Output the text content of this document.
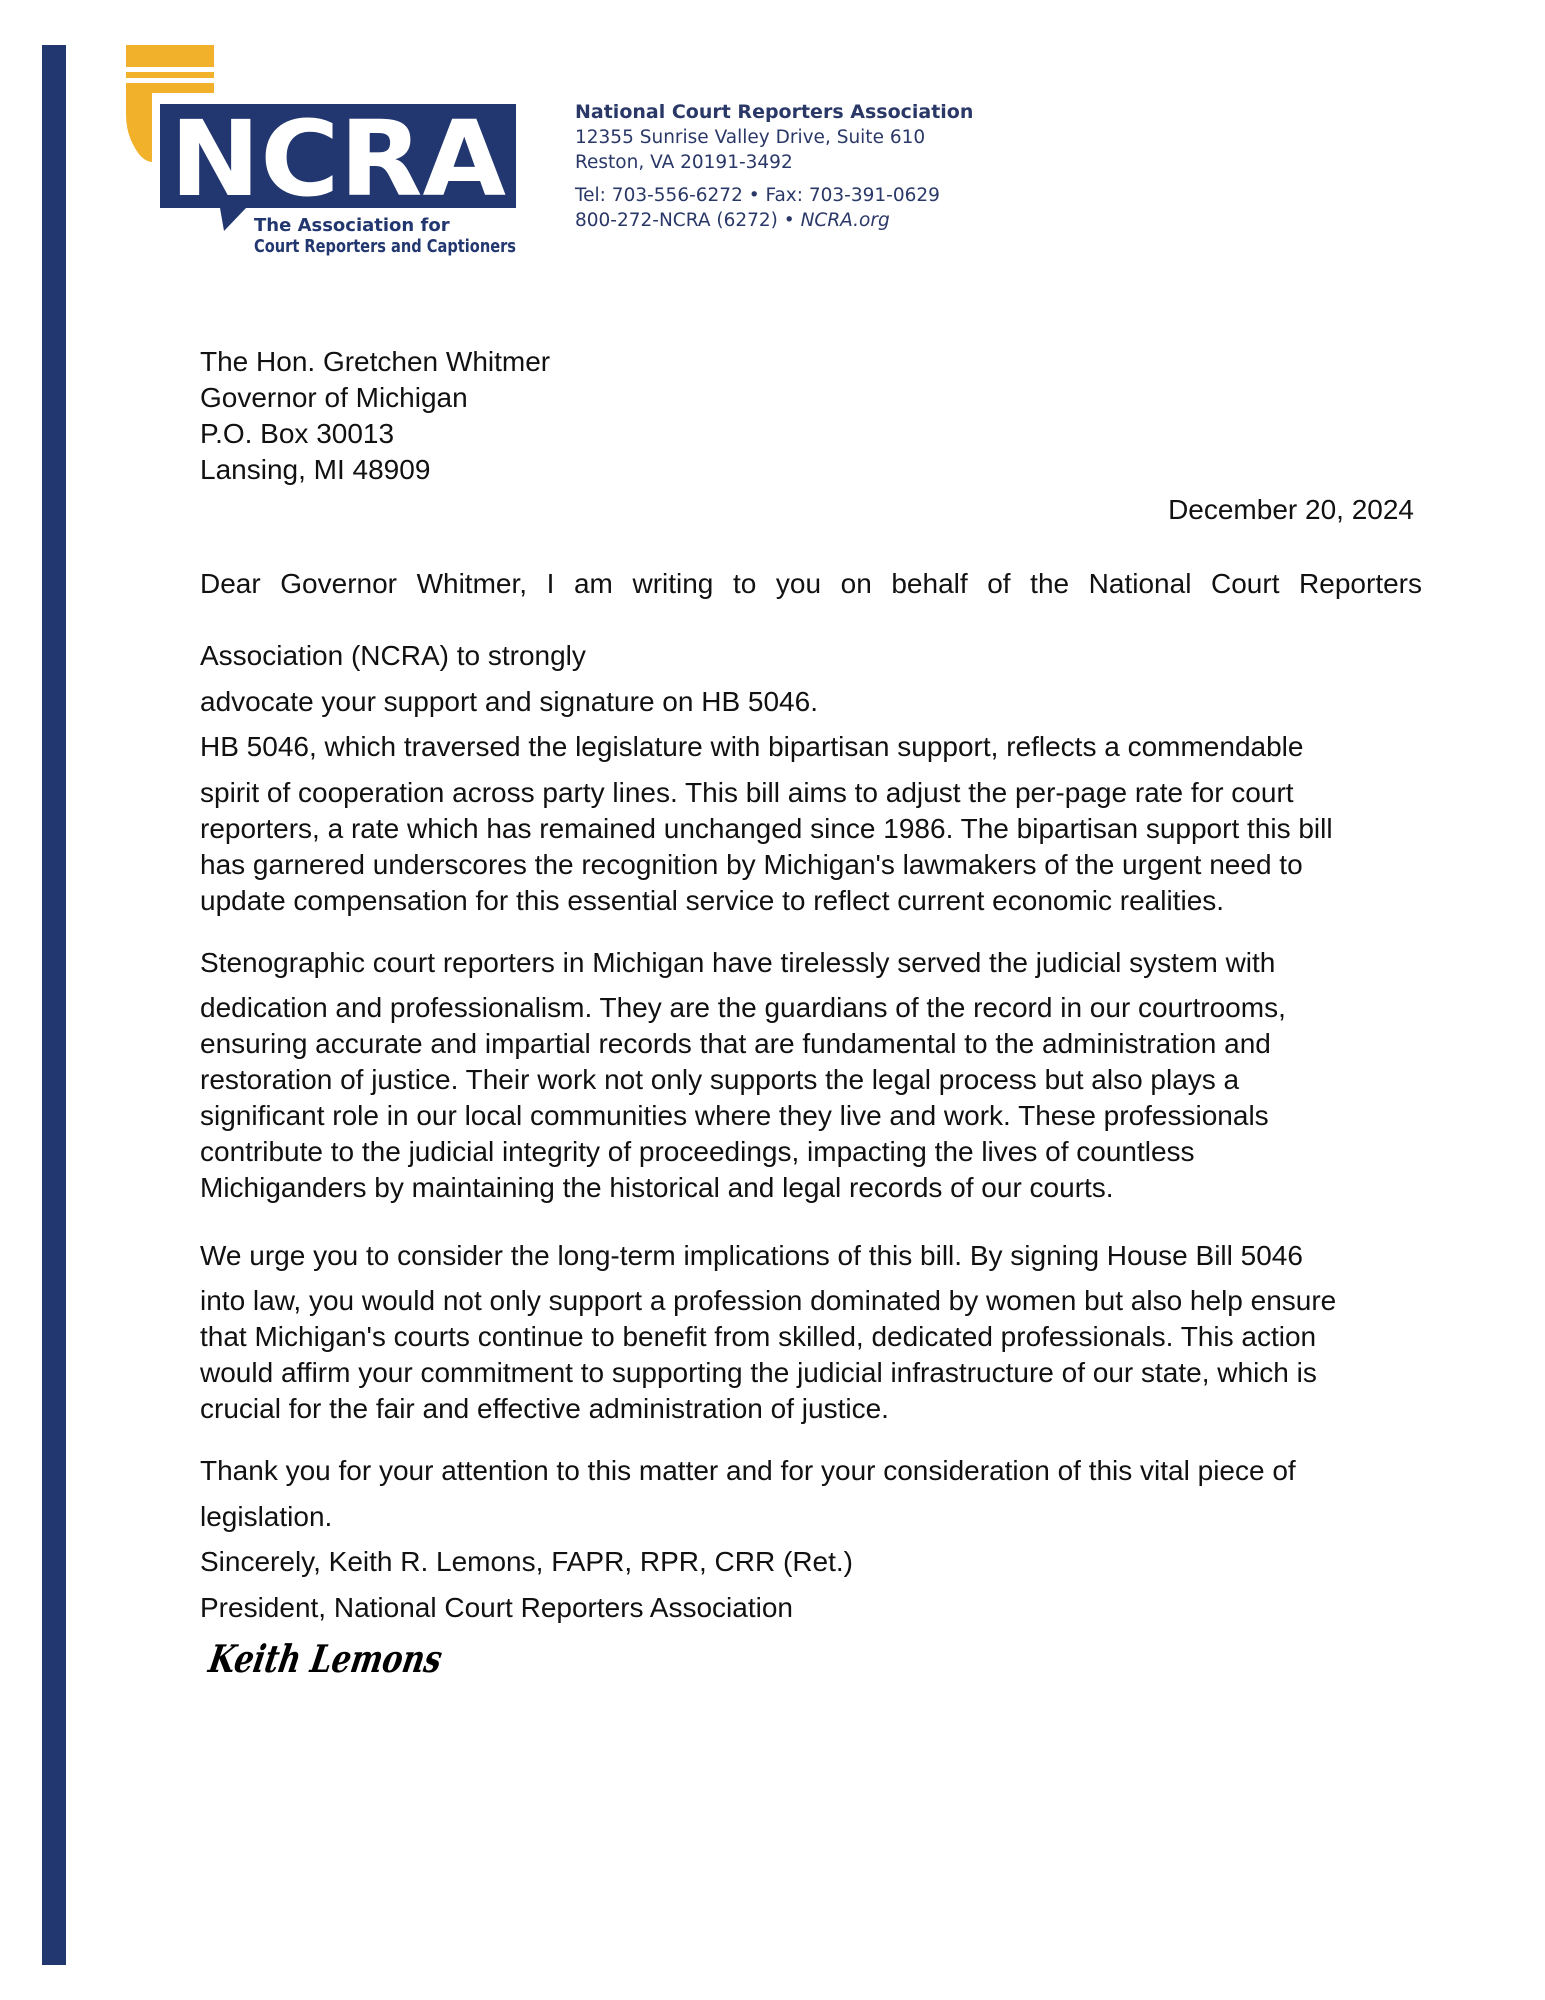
NCRA
The Association for
Court Reporters and Captioners
National Court Reporters Association
12355 Sunrise Valley Drive, Suite 610
Reston, VA 20191-3492
Tel: 703-556-6272 • Fax: 703-391-0629
800-272-NCRA (6272) • NCRA.org
The Hon. Gretchen Whitmer
Governor of Michigan
P.O. Box 30013
Lansing, MI 48909
December 20, 2024
Dear Governor Whitmer, I am writing to you on behalf of the National Court Reporters
Association (NCRA) to strongly
advocate your support and signature on HB 5046.
HB 5046, which traversed the legislature with bipartisan support, reflects a commendable
spirit of cooperation across party lines. This bill aims to adjust the per-page rate for court
reporters, a rate which has remained unchanged since 1986. The bipartisan support this bill
has garnered underscores the recognition by Michigan's lawmakers of the urgent need to
update compensation for this essential service to reflect current economic realities.
Stenographic court reporters in Michigan have tirelessly served the judicial system with
dedication and professionalism. They are the guardians of the record in our courtrooms,
ensuring accurate and impartial records that are fundamental to the administration and
restoration of justice. Their work not only supports the legal process but also plays a
significant role in our local communities where they live and work. These professionals
contribute to the judicial integrity of proceedings, impacting the lives of countless
Michiganders by maintaining the historical and legal records of our courts.
We urge you to consider the long-term implications of this bill. By signing House Bill 5046
into law, you would not only support a profession dominated by women but also help ensure
that Michigan's courts continue to benefit from skilled, dedicated professionals. This action
would affirm your commitment to supporting the judicial infrastructure of our state, which is
crucial for the fair and effective administration of justice.
Thank you for your attention to this matter and for your consideration of this vital piece of
legislation.
Sincerely, Keith R. Lemons, FAPR, RPR, CRR (Ret.)
President, National Court Reporters Association
Keith Lemons
